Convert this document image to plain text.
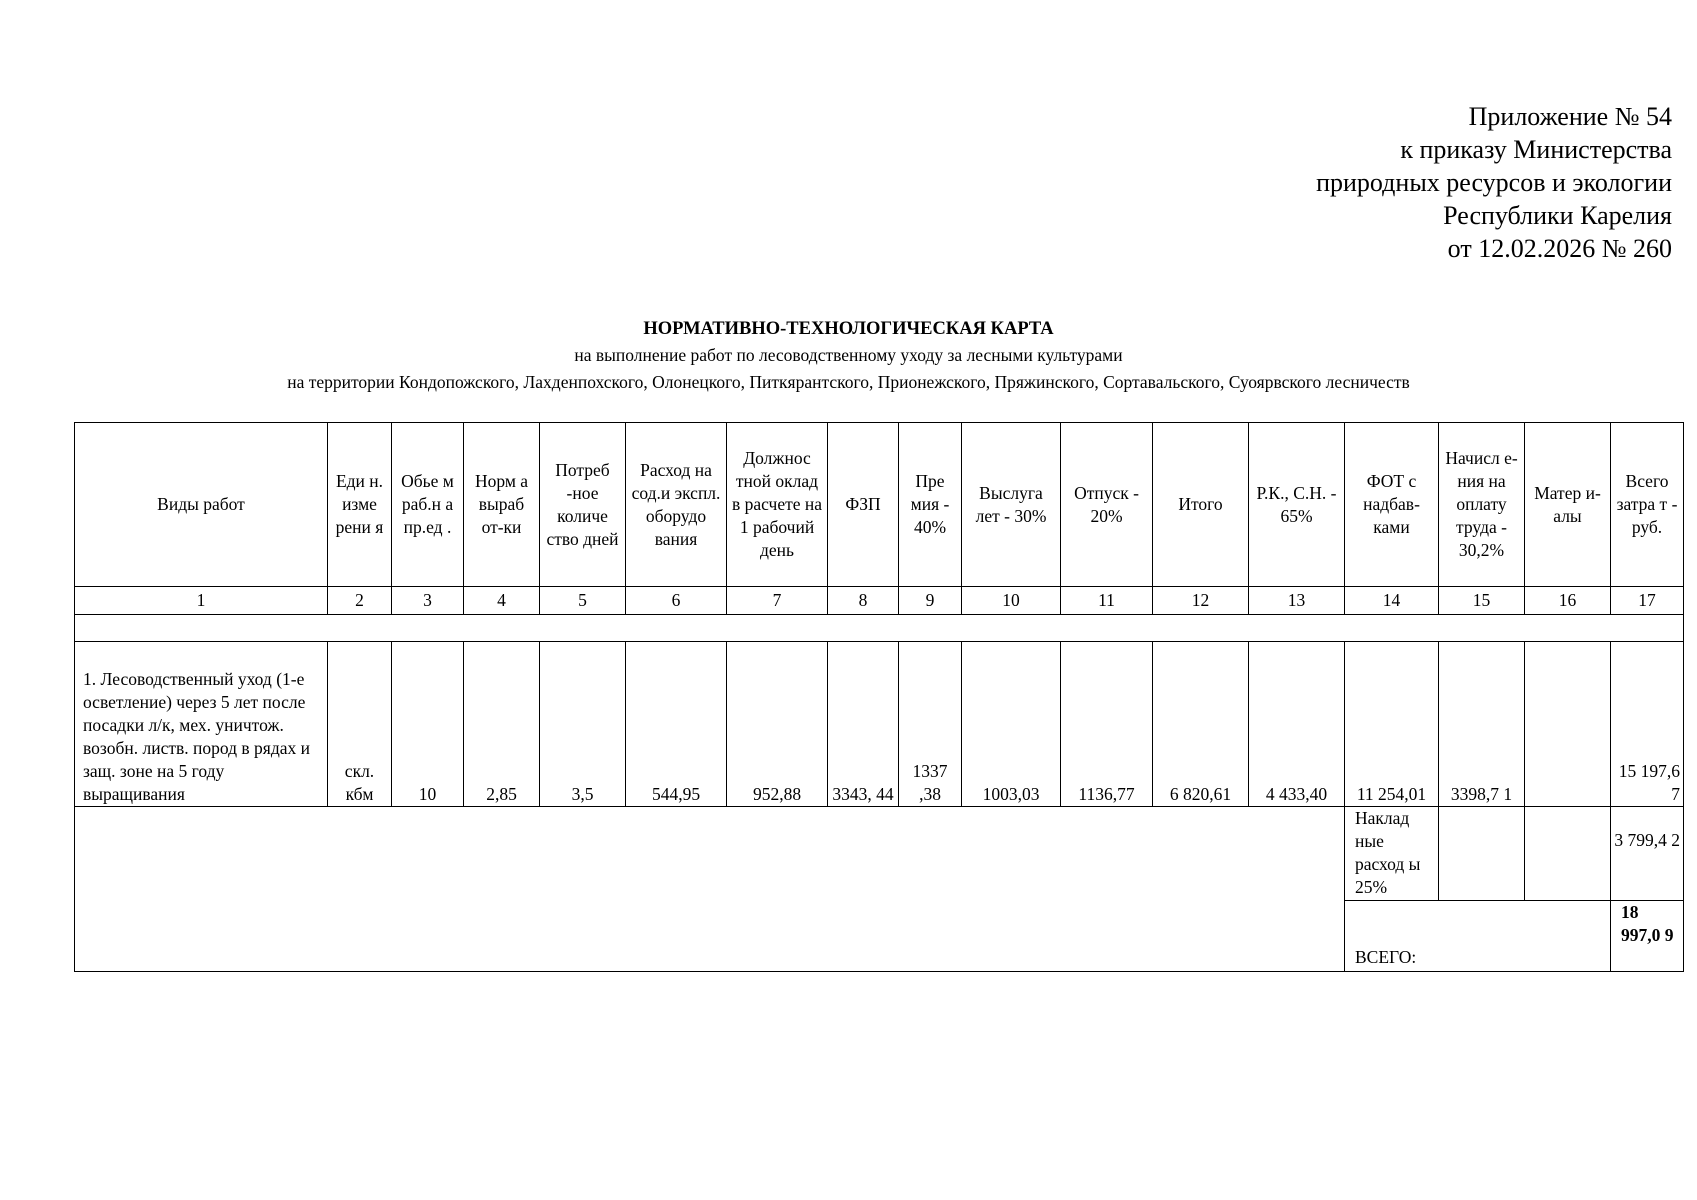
Приложение № 54
к приказу Министерства
природных ресурсов и экологии
Республики Карелия
от 12.02.2026 № 260
НОРМАТИВНО-ТЕХНОЛОГИЧЕСКАЯ КАРТА
на выполнение работ по лесоводственному уходу за лесными культурами
на территории Кондопожского, Лахденпохского, Олонецкого, Питкярантского, Прионежского, Пряжинского, Сортавальского, Суоярвского лесничеств
Виды работ	Еди н. изме рени я	Обье м раб.н а пр.ед .	Норм а выраб от-ки	Потреб -ное количе ство дней	Расход на сод.и экспл. оборудо вания	Должнос тной оклад в расчете на 1 рабочий день	ФЗП	Пре мия - 40%	Выслуга лет - 30%	Отпуск - 20%	Итого	Р.К., С.Н. - 65%	ФОТ с надбав- ками	Начисл е-ния на оплату труда - 30,2%	Матер и-алы	Всего затра т - руб.
1	2	3	4	5	6	7	8	9	10	11	12	13	14	15	16	17

1. Лесоводственный уход (1-е осветление) через 5 лет после посадки л/к, мех. уничтож. возобн. листв. пород в рядах и защ. зоне на 5 году выращивания	скл. кбм	10	2,85	3,5	544,95	952,88	3343, 44	1337 ,38	1003,03	1136,77	6 820,61	4 433,40	11 254,01	3398,7 1		15 197,6 7
													Наклад ные расход ы 25%			3 799,4 2
													ВСЕГО:			18 997,0 9
